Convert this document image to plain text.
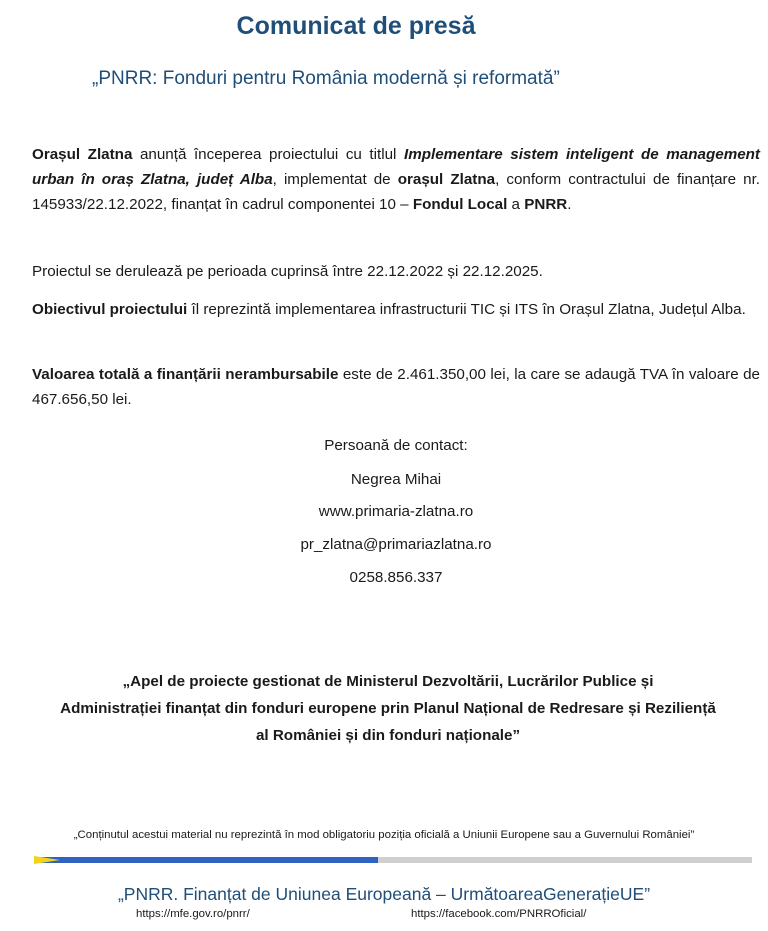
Comunicat de presă
„PNRR: Fonduri pentru România modernă și reformată”

Orașul Zlatna anunță începerea proiectului cu titlul Implementare sistem inteligent de management urban în oraș Zlatna, județ Alba, implementat de orașul Zlatna, conform contractului de finanțare nr. 145933/22.12.2022, finanțat în cadrul componentei 10 – Fondul Local a PNRR.

Proiectul se derulează pe perioada cuprinsă între 22.12.2022 și 22.12.2025.

Obiectivul proiectului îl reprezintă implementarea infrastructurii TIC și ITS în Orașul Zlatna, Județul Alba.

Valoarea totală a finanțării nerambursabile este de 2.461.350,00 lei, la care se adaugă TVA în valoare de 467.656,50 lei.

Persoană de contact:
Negrea Mihai
www.primaria-zlatna.ro
pr_zlatna@primariazlatna.ro
0258.856.337
„Apel de proiecte gestionat de Ministerul Dezvoltării, Lucrărilor Publice și
Administrației finanțat din fonduri europene prin Planul Național de Redresare și Reziliență
al României și din fonduri naționale”
„Conținutul acestui material nu reprezintă în mod obligatoriu poziția oficială a Uniunii Europene sau a Guvernului României”
„PNRR. Finanțat de Uniunea Europeană – UrmătoareaGenerațieUE”
https://mfe.gov.ro/pnrr/	https://facebook.com/PNRROficial/
